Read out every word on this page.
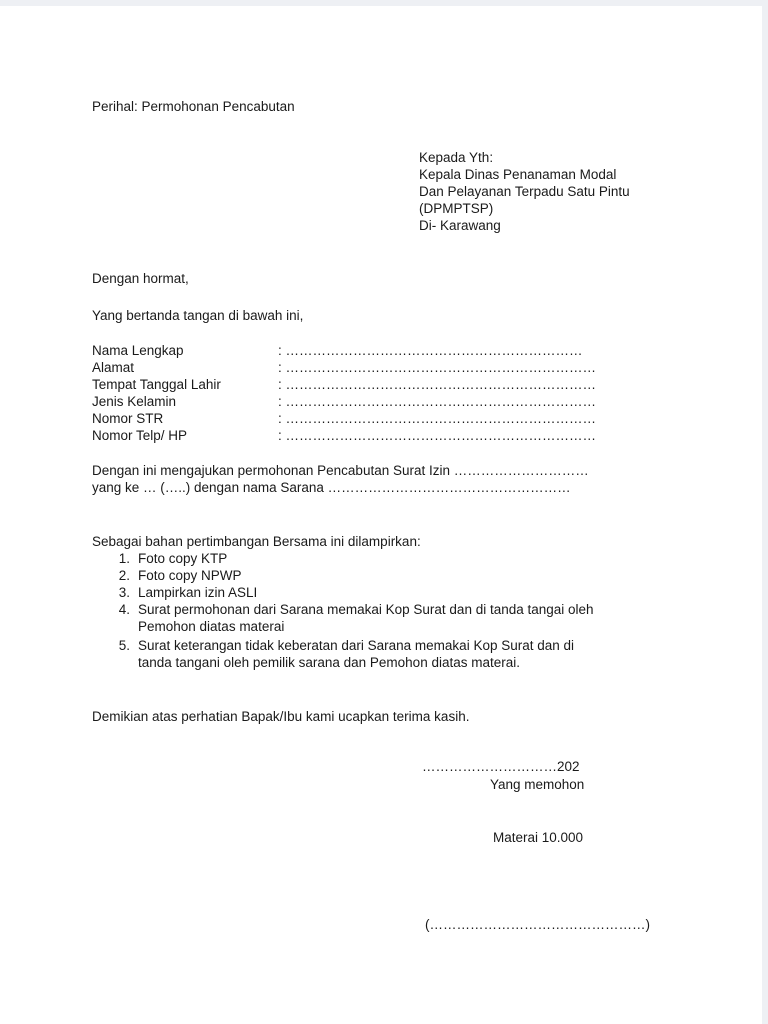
Perihal: Permohonan Pencabutan
Kepada Yth:
Kepala Dinas Penanaman Modal
Dan Pelayanan Terpadu Satu Pintu
(DPMPTSP)
Di- Karawang
Dengan hormat,
Yang bertanda tangan di bawah ini,
Nama Lengkap	: …………………………………………………………
Alamat	: ……………………………………………………………
Tempat Tanggal Lahir	: ……………………………………………………………
Jenis Kelamin	: ……………………………………………………………
Nomor STR	: ……………………………………………………………
Nomor Telp/ HP	: ……………………………………………………………
Dengan ini mengajukan permohonan Pencabutan Surat Izin …………………………
yang ke … (…..) dengan nama Sarana ………………………………………………
Sebagai bahan pertimbangan Bersama ini dilampirkan:
1. Foto copy KTP
2. Foto copy NPWP
3. Lampirkan izin ASLI
4. Surat permohonan dari Sarana memakai Kop Surat dan di tanda tangai oleh
Pemohon diatas materai
5. Surat keterangan tidak keberatan dari Sarana memakai Kop Surat dan di
tanda tangani oleh pemilik sarana dan Pemohon diatas materai.
Demikian atas perhatian Bapak/Ibu kami ucapkan terima kasih.
…………………………202
Yang memohon
Materai 10.000
(…………………………………………)
